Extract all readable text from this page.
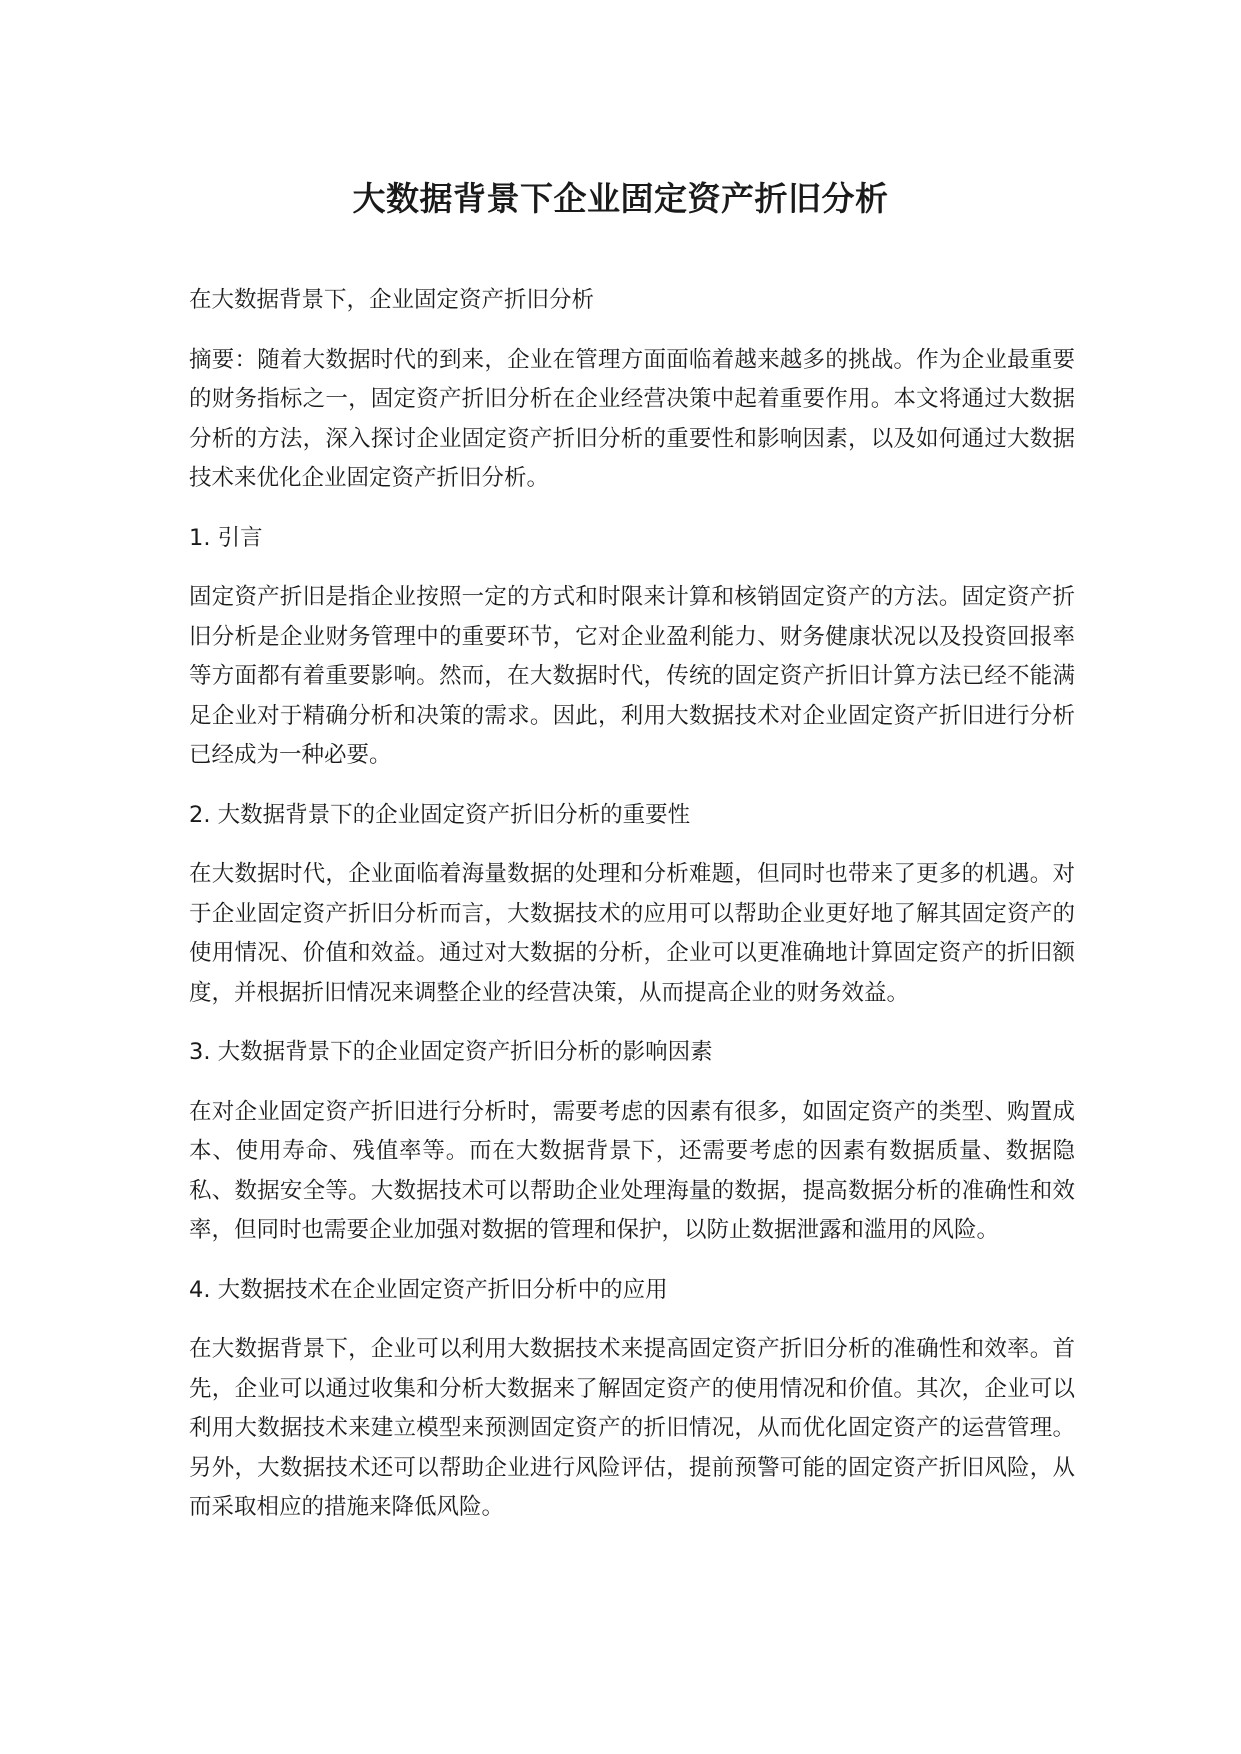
大数据背景下企业固定资产折旧分析

在大数据背景下，企业固定资产折旧分析

摘要：随着大数据时代的到来，企业在管理方面面临着越来越多的挑战。作为企业最重要的财务指标之一，固定资产折旧分析在企业经营决策中起着重要作用。本文将通过大数据分析的方法，深入探讨企业固定资产折旧分析的重要性和影响因素，以及如何通过大数据技术来优化企业固定资产折旧分析。

1. 引言

固定资产折旧是指企业按照一定的方式和时限来计算和核销固定资产的方法。固定资产折旧分析是企业财务管理中的重要环节，它对企业盈利能力、财务健康状况以及投资回报率等方面都有着重要影响。然而，在大数据时代，传统的固定资产折旧计算方法已经不能满足企业对于精确分析和决策的需求。因此，利用大数据技术对企业固定资产折旧进行分析已经成为一种必要。

2. 大数据背景下的企业固定资产折旧分析的重要性

在大数据时代，企业面临着海量数据的处理和分析难题，但同时也带来了更多的机遇。对于企业固定资产折旧分析而言，大数据技术的应用可以帮助企业更好地了解其固定资产的使用情况、价值和效益。通过对大数据的分析，企业可以更准确地计算固定资产的折旧额度，并根据折旧情况来调整企业的经营决策，从而提高企业的财务效益。

3. 大数据背景下的企业固定资产折旧分析的影响因素

在对企业固定资产折旧进行分析时，需要考虑的因素有很多，如固定资产的类型、购置成本、使用寿命、残值率等。而在大数据背景下，还需要考虑的因素有数据质量、数据隐私、数据安全等。大数据技术可以帮助企业处理海量的数据，提高数据分析的准确性和效率，但同时也需要企业加强对数据的管理和保护，以防止数据泄露和滥用的风险。

4. 大数据技术在企业固定资产折旧分析中的应用

在大数据背景下，企业可以利用大数据技术来提高固定资产折旧分析的准确性和效率。首先，企业可以通过收集和分析大数据来了解固定资产的使用情况和价值。其次，企业可以利用大数据技术来建立模型来预测固定资产的折旧情况，从而优化固定资产的运营管理。另外，大数据技术还可以帮助企业进行风险评估，提前预警可能的固定资产折旧风险，从而采取相应的措施来降低风险。
